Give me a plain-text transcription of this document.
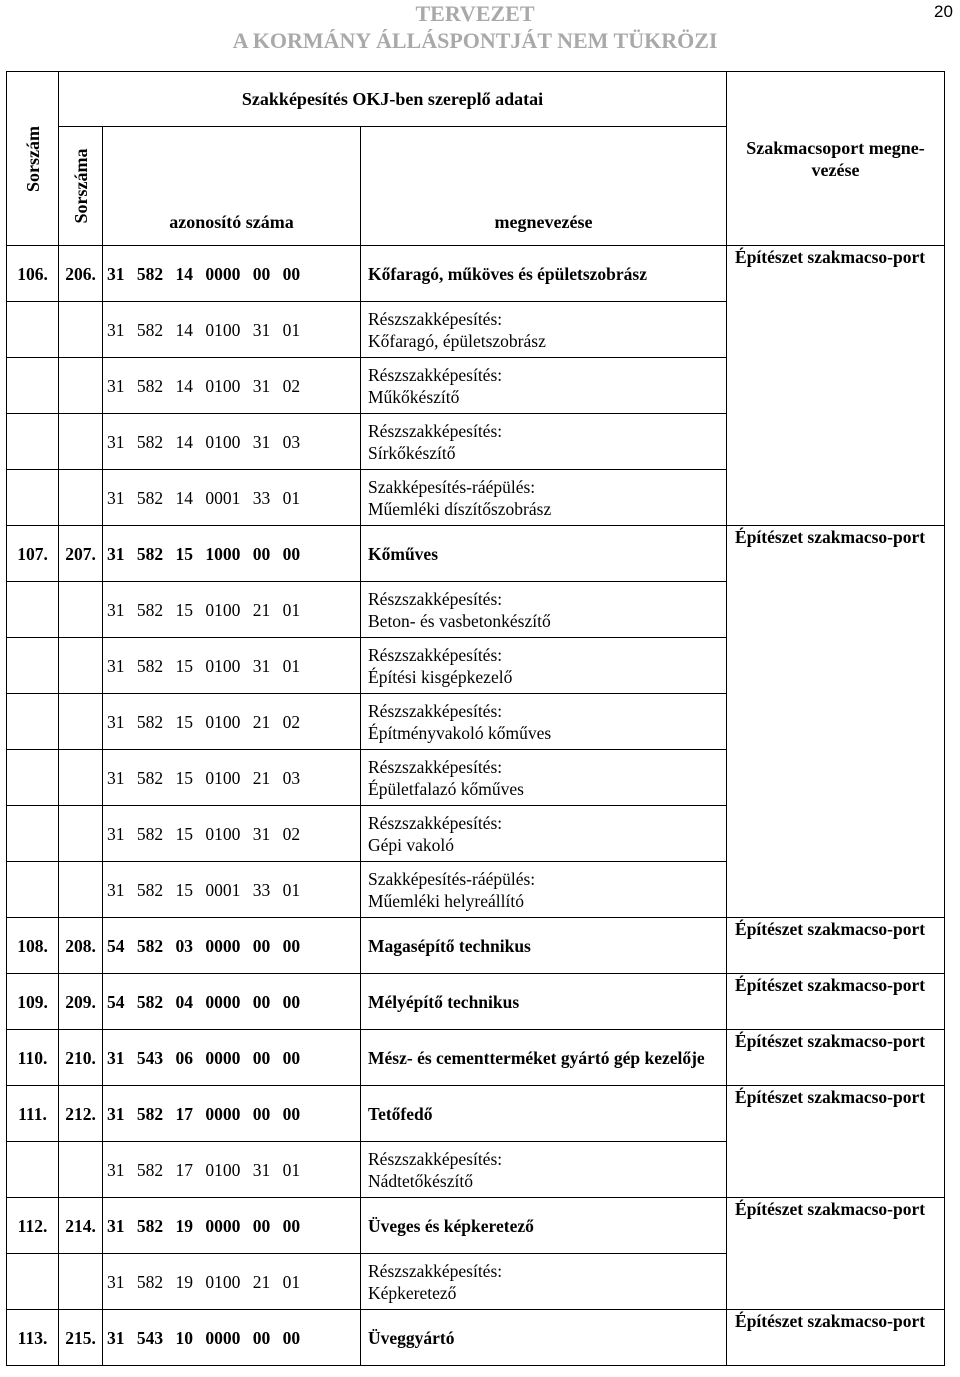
TERVEZET
A KORMÁNY ÁLLÁSPONTJÁT NEM TÜKRÖZI
20
Sorszám	Szakképesítés OKJ-ben szereplő adatai			Szakmacsoport megne-vezése

	Sorszáma	azonosító száma	megnevezése	
106.	206.	31 582 14 0000 00 00	Kőfaragó, műköves és épületszobrász	Építészet szakmacso-port
		31 582 14 0100 31 01	Részszakképesítés:
Kőfaragó, épületszobrász	

		31 582 14 0100 31 02	Részszakképesítés:
Műkőkészítő	

		31 582 14 0100 31 03	Részszakképesítés:
Sírkőkészítő	

		31 582 14 0001 33 01	Szakképesítés-ráépülés:
Műemléki díszítőszobrász	

107.	207.	31 582 15 1000 00 00	Kőműves	Építészet szakmacso-port
		31 582 15 0100 21 01	Részszakképesítés:
Beton- és vasbetonkészítő	

		31 582 15 0100 31 01	Részszakképesítés:
Építési kisgépkezelő	

		31 582 15 0100 21 02	Részszakképesítés:
Építményvakoló kőműves	

		31 582 15 0100 21 03	Részszakképesítés:
Épületfalazó kőműves	

		31 582 15 0100 31 02	Részszakképesítés:
Gépi vakoló	

		31 582 15 0001 33 01	Szakképesítés-ráépülés:
Műemléki helyreállító	

108.	208.	54 582 03 0000 00 00	Magasépítő technikus	Építészet szakmacso-port
109.	209.	54 582 04 0000 00 00	Mélyépítő technikus	Építészet szakmacso-port
110.	210.	31 543 06 0000 00 00	Mész- és cementterméket gyártó gép kezelője	Építészet szakmacso-port
111.	212.	31 582 17 0000 00 00	Tetőfedő	Építészet szakmacso-port
		31 582 17 0100 31 01	Részszakképesítés:
Nádtetőkészítő	

112.	214.	31 582 19 0000 00 00	Üveges és képkeretező	Építészet szakmacso-port
		31 582 19 0100 21 01	Részszakképesítés:
Képkeretező	

113.	215.	31 543 10 0000 00 00	Üveggyártó	Építészet szakmacso-port
